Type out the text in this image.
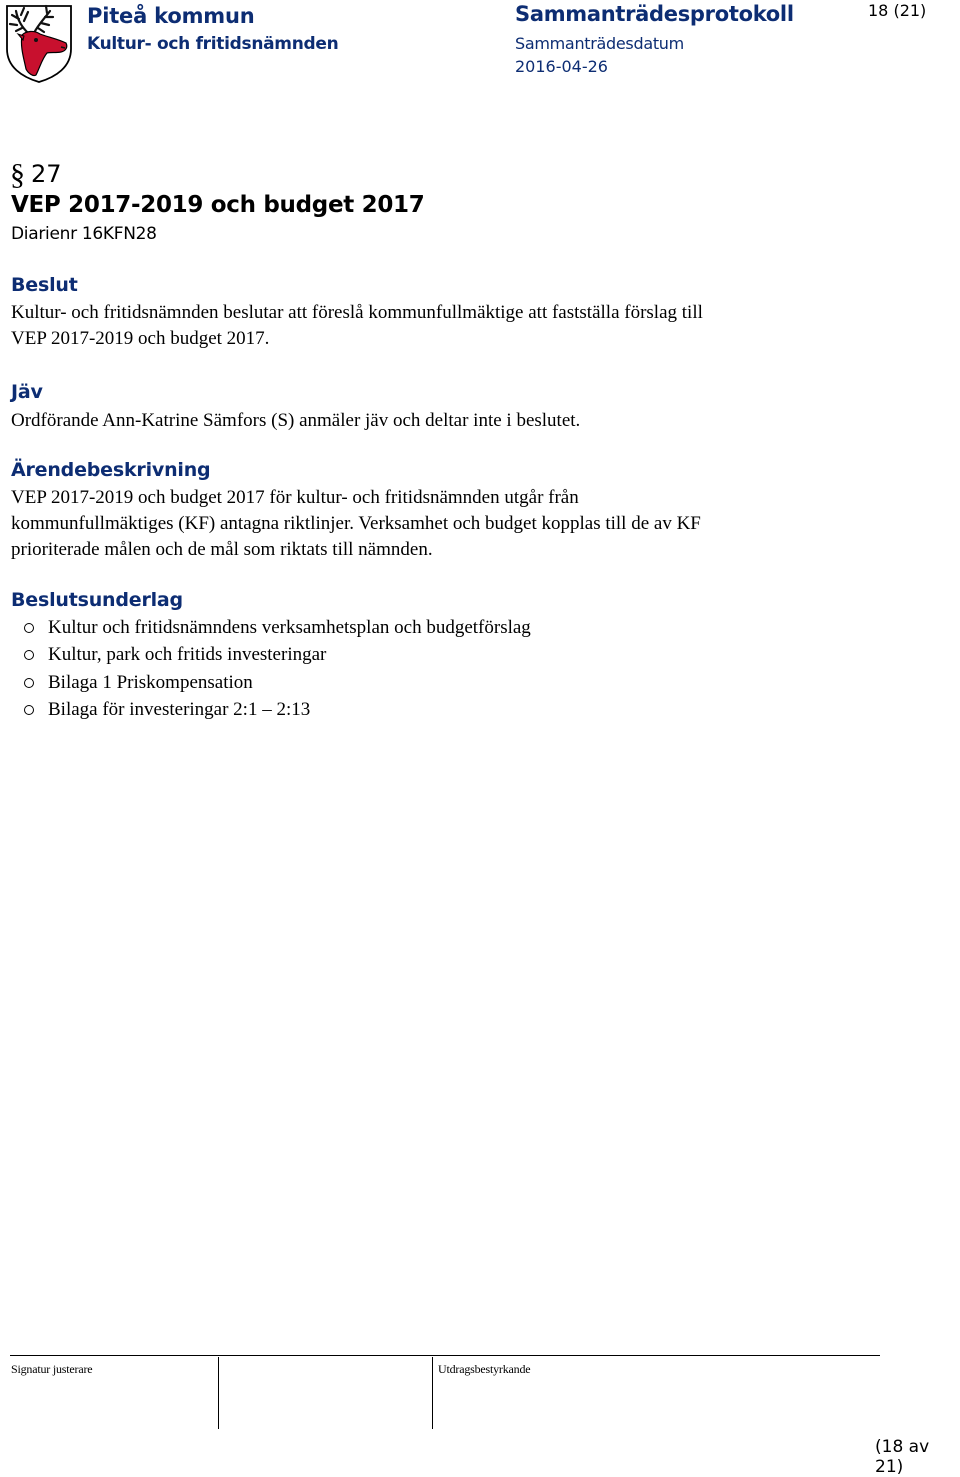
Piteå kommun
Kultur- och fritidsnämnden
Sammanträdesprotokoll
Sammanträdesdatum
2016-04-26
18 (21)
§ 27
VEP 2017-2019 och budget 2017
Diarienr 16KFN28
Beslut
Kultur- och fritidsnämnden beslutar att föreslå kommunfullmäktige att fastställa förslag till
VEP 2017-2019 och budget 2017.
Jäv
Ordförande Ann-Katrine Sämfors (S) anmäler jäv och deltar inte i beslutet.
Ärendebeskrivning
VEP 2017-2019 och budget 2017 för kultur- och fritidsnämnden utgår från
kommunfullmäktiges (KF) antagna riktlinjer. Verksamhet och budget kopplas till de av KF
prioriterade målen och de mål som riktats till nämnden.
Beslutsunderlag
Kultur och fritidsnämndens verksamhetsplan och budgetförslag
Kultur, park och fritids investeringar
Bilaga 1 Priskompensation
Bilaga för investeringar 2:1 – 2:13
Signatur justerare	Utdragsbestyrkande
(18 av 21)
